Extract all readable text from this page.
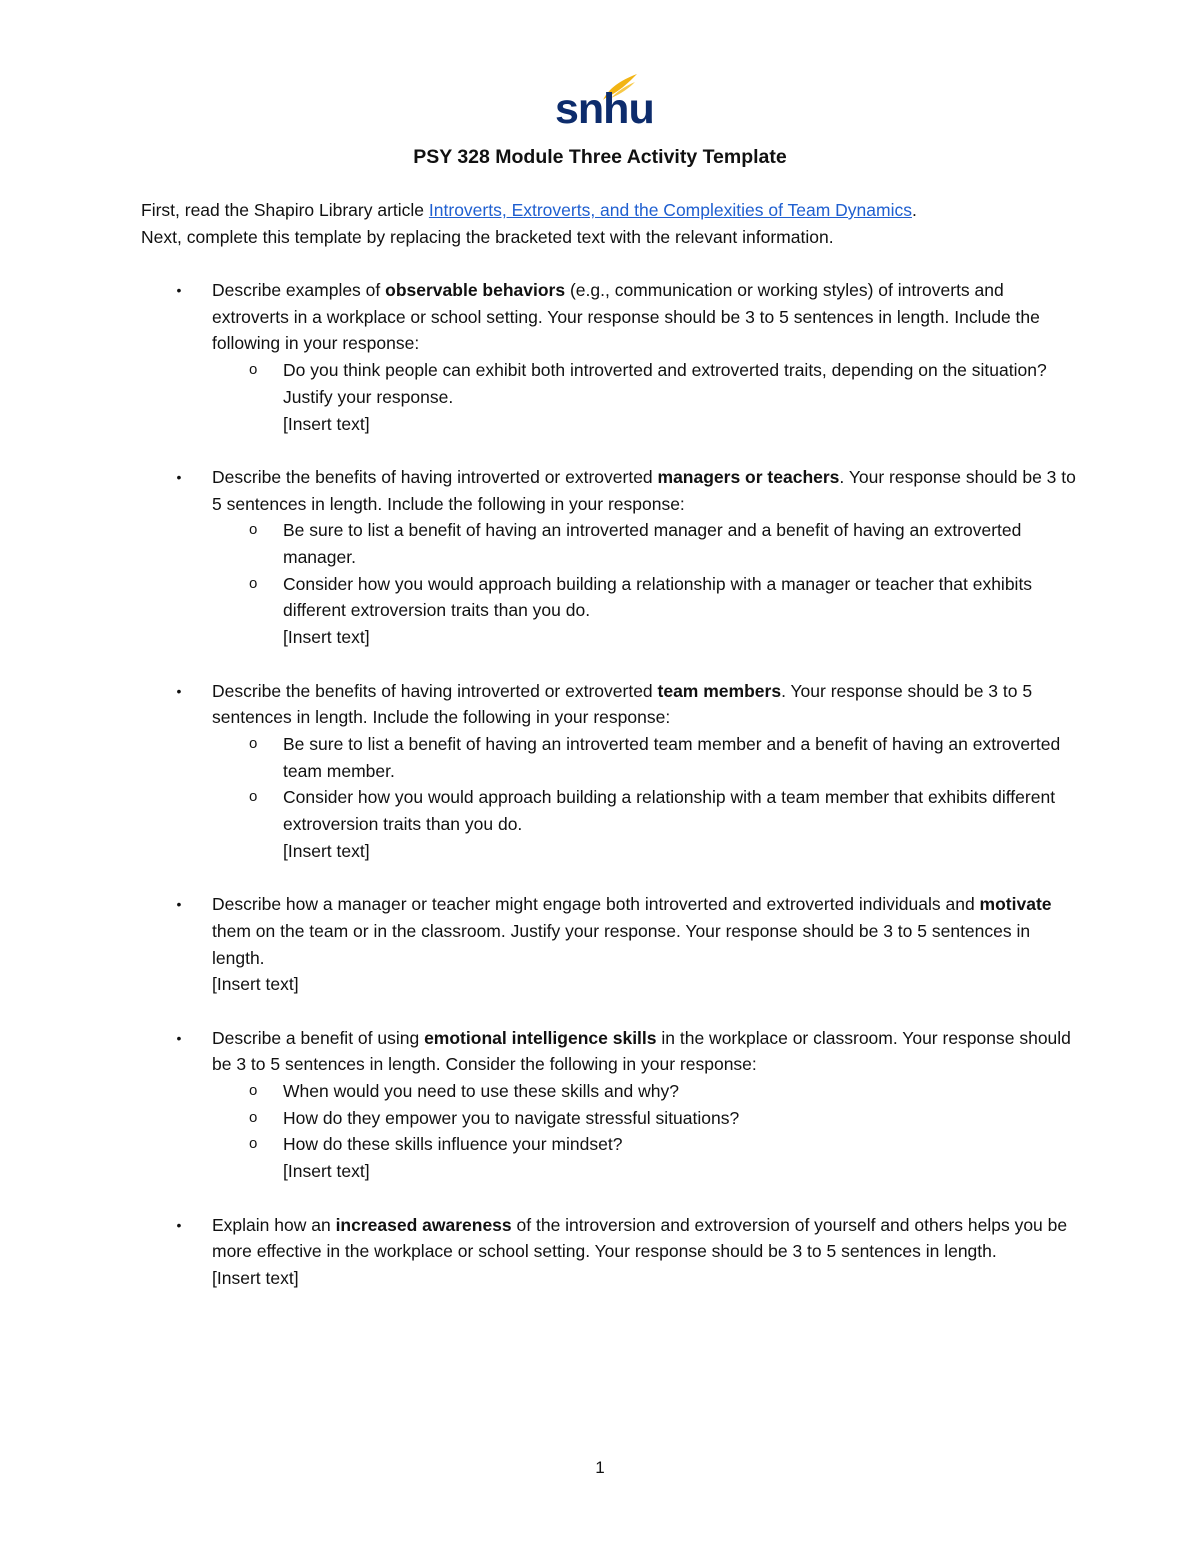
snhu
PSY 328 Module Three Activity Template

First, read the Shapiro Library article Introverts, Extroverts, and the Complexities of Team Dynamics.

Next, complete this template by replacing the bracketed text with the relevant information.

• Describe examples of observable behaviors (e.g., communication or working styles) of introverts and extroverts in a workplace or school setting. Your response should be 3 to 5 sentences in length. Include the following in your response:
o Do you think people can exhibit both introverted and extroverted traits, depending on the situation? Justify your response.
[Insert text]
• Describe the benefits of having introverted or extroverted managers or teachers. Your response should be 3 to 5 sentences in length. Include the following in your response:
o Be sure to list a benefit of having an introverted manager and a benefit of having an extroverted manager.
o Consider how you would approach building a relationship with a manager or teacher that exhibits different extroversion traits than you do.
[Insert text]
• Describe the benefits of having introverted or extroverted team members. Your response should be 3 to 5 sentences in length. Include the following in your response:
o Be sure to list a benefit of having an introverted team member and a benefit of having an extroverted team member.
o Consider how you would approach building a relationship with a team member that exhibits different extroversion traits than you do.
[Insert text]
• Describe how a manager or teacher might engage both introverted and extroverted individuals and motivate them on the team or in the classroom. Justify your response. Your response should be 3 to 5 sentences in length.
[Insert text]
• Describe a benefit of using emotional intelligence skills in the workplace or classroom. Your response should be 3 to 5 sentences in length. Consider the following in your response:
o When would you need to use these skills and why?
o How do they empower you to navigate stressful situations?
o How do these skills influence your mindset?
[Insert text]
• Explain how an increased awareness of the introversion and extroversion of yourself and others helps you be more effective in the workplace or school setting. Your response should be 3 to 5 sentences in length.
[Insert text]
1
